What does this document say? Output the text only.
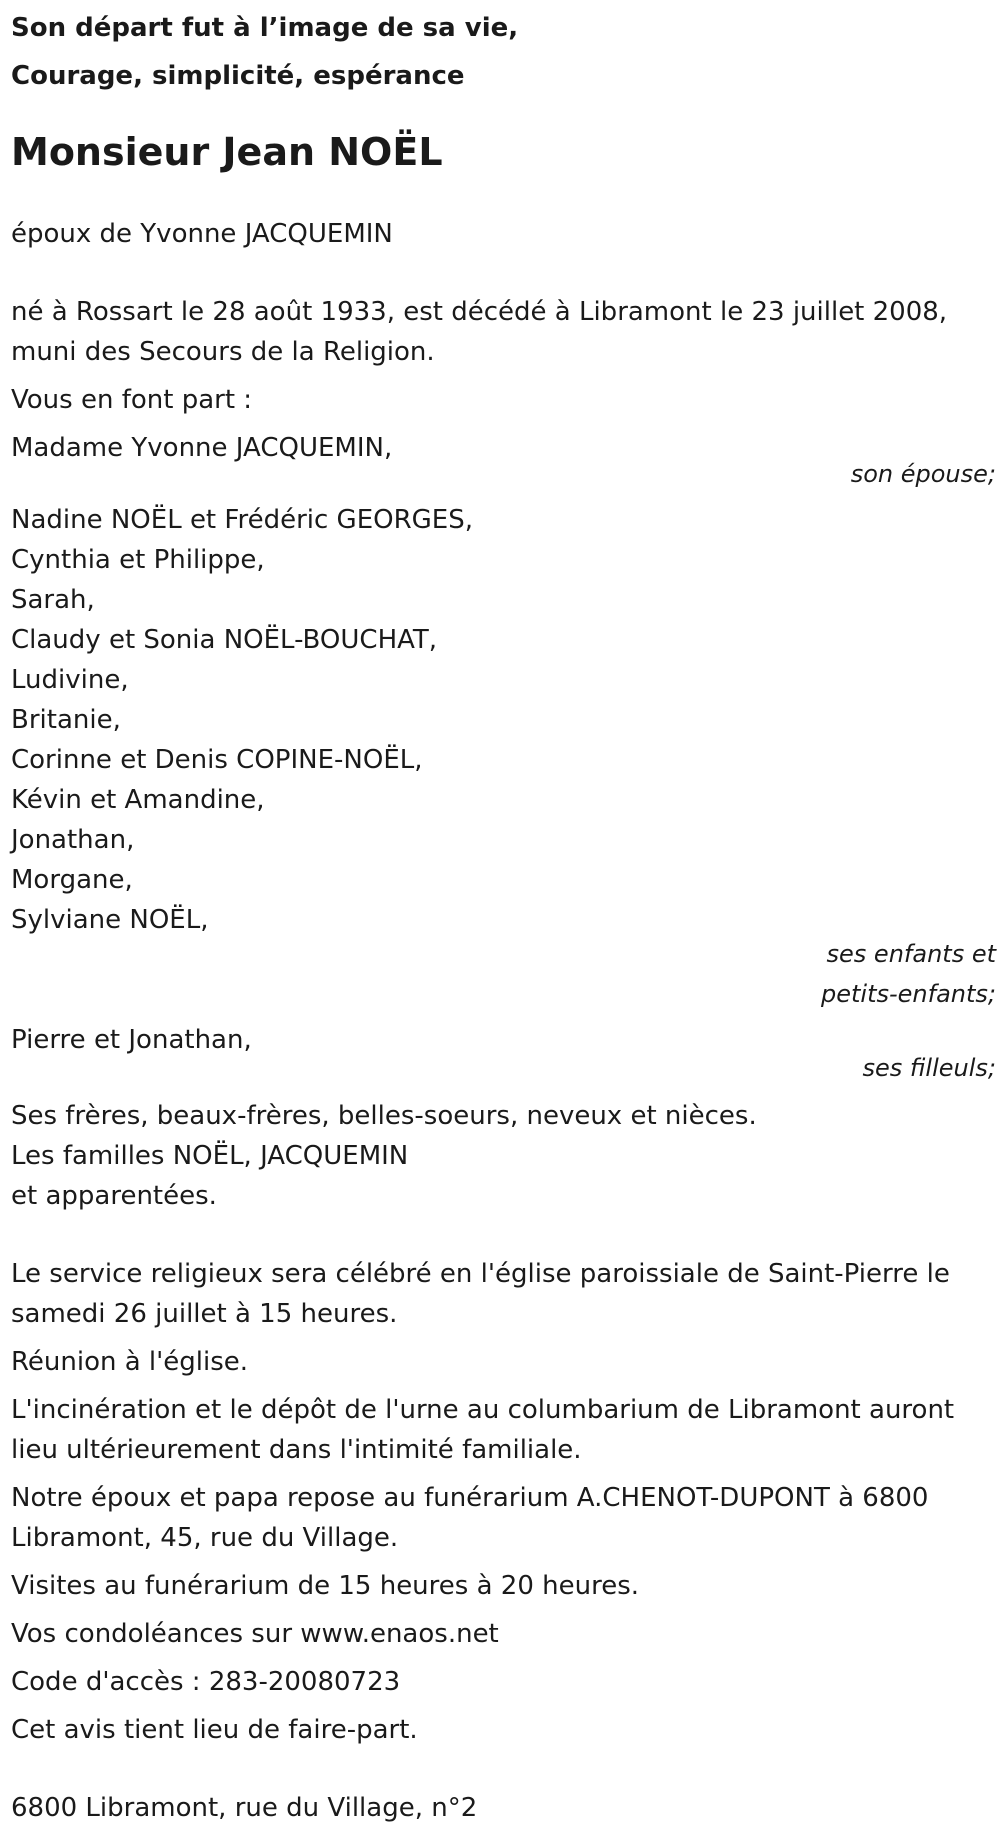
Son départ fut à l’image de sa vie,

Courage, simplicité, espérance

Monsieur Jean NOËL

époux de Yvonne JACQUEMIN

né à Rossart le 28 août 1933, est décédé à Libramont le 23 juillet 2008, muni des Secours de la Religion.

Vous en font part :

Madame Yvonne JACQUEMIN,

son épouse;

Nadine NOËL et Frédéric GEORGES,

Cynthia et Philippe,

Sarah,

Claudy et Sonia NOËL-BOUCHAT,

Ludivine,

Britanie,

Corinne et Denis COPINE-NOËL,

Kévin et Amandine,

Jonathan,

Morgane,

Sylviane NOËL,

ses enfants et

petits-enfants;

Pierre et Jonathan,

ses filleuls;

Ses frères, beaux-frères, belles-soeurs, neveux et nièces.

Les familles NOËL, JACQUEMIN

et apparentées.

Le service religieux sera célébré en l'église paroissiale de Saint-Pierre le samedi 26 juillet à 15 heures.

Réunion à l'église.

L'incinération et le dépôt de l'urne au columbarium de Libramont auront lieu ultérieurement dans l'intimité familiale.

Notre époux et papa repose au funérarium A.CHENOT-DUPONT à 6800 Libramont, 45, rue du Village.

Visites au funérarium de 15 heures à 20 heures.

Vos condoléances sur www.enaos.net

Code d'accès : 283-20080723

Cet avis tient lieu de faire-part.

6800 Libramont, rue du Village, n°2
